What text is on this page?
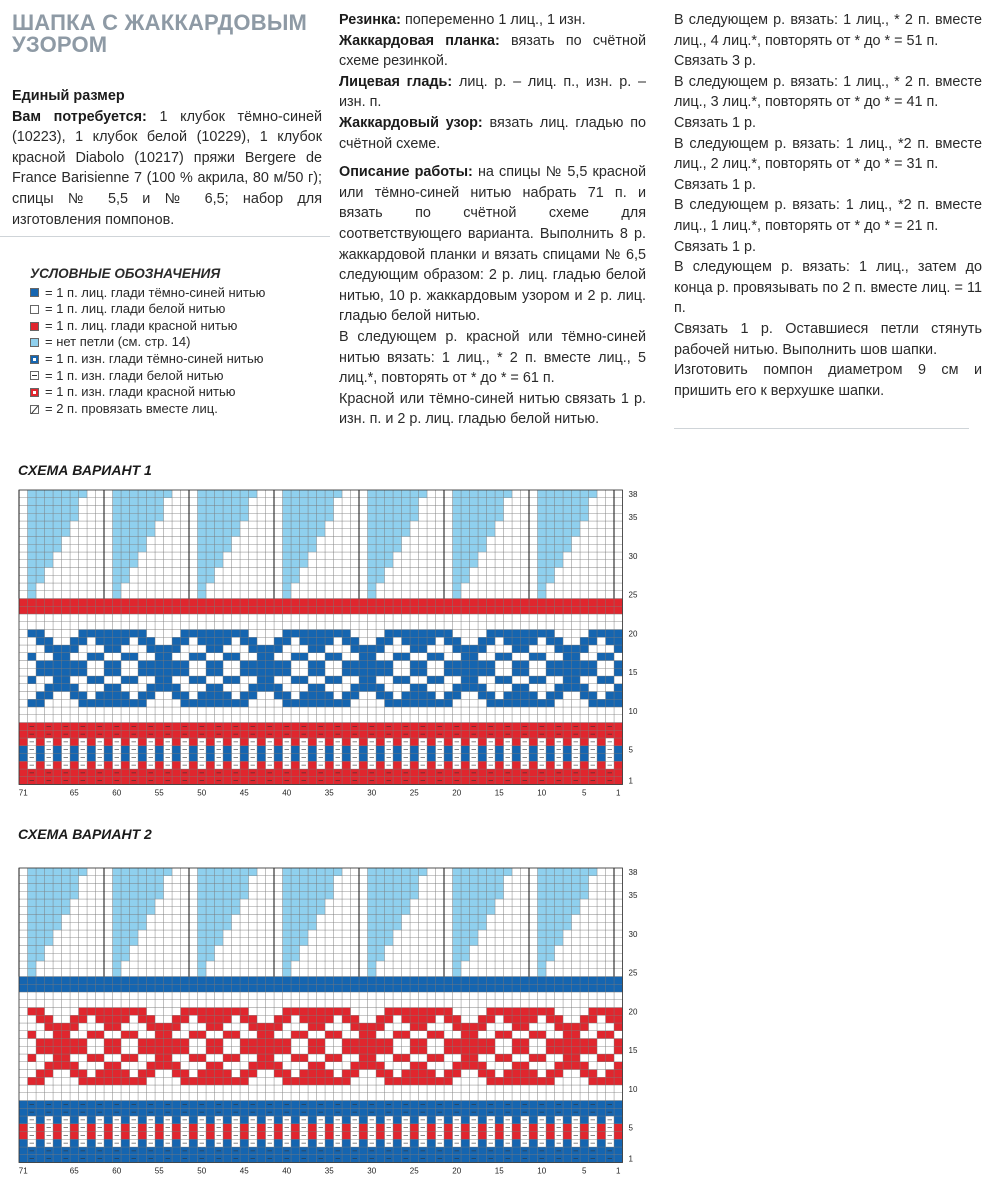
ШАПКА С ЖАККАРДОВЫМ
УЗОРОМ

Единый размер

Вам потребуется: 1 клубок тёмно-синей (10223), 1 клубок белой (10229), 1 клубок красной Diabolo (10217) пряжи Bergere de France Barisienne 7 (100 % акрила, 80 м/50 г); спицы № 5,5 и № 6,5; набор для изготовления помпонов.

УСЛОВНЫЕ ОБОЗНАЧЕНИЯ
= 1 п. лиц. глади тёмно-синей нитью
= 1 п. лиц. глади белой нитью
= 1 п. лиц. глади красной нитью
= нет петли (см. стр. 14)
= 1 п. изн. глади тёмно-синей нитью
= 1 п. изн. глади белой нитью
= 1 п. изн. глади красной нитью
= 2 п. провязать вместе лиц.

Резинка: попеременно 1 лиц., 1 изн.

Жаккардовая планка: вязать по счётной схеме резинкой.

Лицевая гладь: лиц. р. – лиц. п., изн. р. – изн. п.

Жаккардовый узор: вязать лиц. гладью по счётной схеме.

Описание работы: на спицы № 5,5 красной или тёмно-синей нитью набрать 71 п. и вязать по счётной схеме для соответствующего варианта. Выполнить 8 р. жаккардовой планки и вязать спицами № 6,5 следующим образом: 2 р. лиц. гладью белой нитью, 10 р. жаккардовым узором и 2 р. лиц. гладью белой нитью.

В следующем р. красной или тёмно-синей нитью вязать: 1 лиц., * 2 п. вместе лиц., 5 лиц.*, повторять от * до * = 61 п.

Красной или тёмно-синей нитью связать 1 р. изн. п. и 2 р. лиц. гладью белой нитью.

В следующем р. вязать: 1 лиц., * 2 п. вместе лиц., 4 лиц.*, повторять от * до * = 51 п.

Связать 3 р.

В следующем р. вязать: 1 лиц., * 2 п. вместе лиц., 3 лиц.*, повторять от * до * = 41 п.

Связать 1 р.

В следующем р. вязать: 1 лиц., *2 п. вместе лиц., 2 лиц.*, повторять от * до * = 31 п.

Связать 1 р.

В следующем р. вязать: 1 лиц., *2 п. вместе лиц., 1 лиц.*, повторять от * до * = 21 п.

Связать 1 р.

В следующем р. вязать: 1 лиц., затем до конца р. провязывать по 2 п. вместе лиц. = 11 п.

Связать 1 р. Оставшиеся петли стянуть рабочей нитью. Выполнить шов шапки.

Изготовить помпон диаметром 9 см и пришить его к верхушке шапки.

СХЕМА ВАРИАНТ 1
1
5
10
15
20
25
30
35
38
71	65	60	55	50	45	40	35	30	25	20	15	10	5	1
СХЕМА ВАРИАНТ 2
1
5
10
15
20
25
30
35
38
71	65	60	55	50	45	40	35	30	25	20	15	10	5	1
